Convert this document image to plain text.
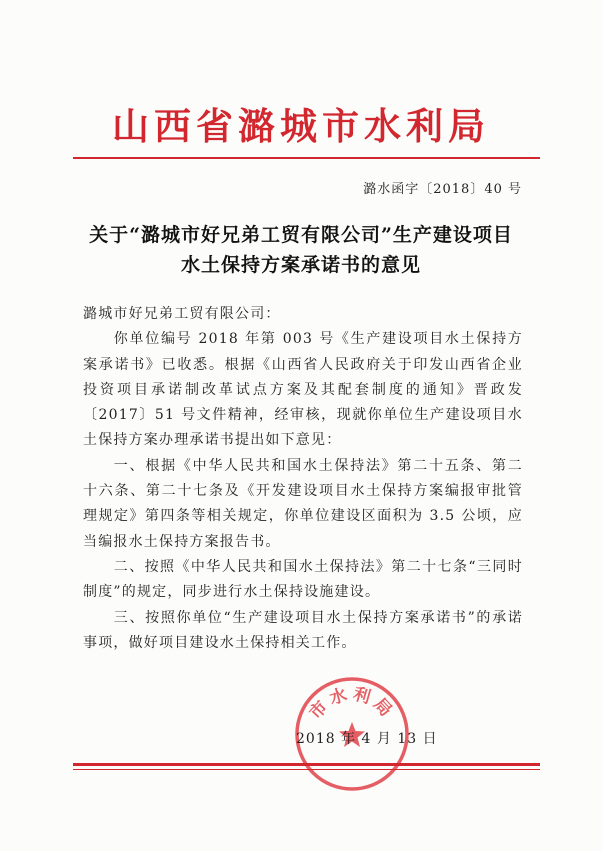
山西省潞城市水利局
潞水函字〔2018〕40 号
关于“潞城市好兄弟工贸有限公司”生产建设项目
水土保持方案承诺书的意见

潞城市好兄弟工贸有限公司：

你单位编号 2018 年第 003 号《生产建设项目水土保持方案承诺书》已收悉。根据《山西省人民政府关于印发山西省企业投资项目承诺制改革试点方案及其配套制度的通知》晋政发〔2017〕51 号文件精神，经审核，现就你单位生产建设项目水土保持方案办理承诺书提出如下意见：

一、根据《中华人民共和国水土保持法》第二十五条、第二十六条、第二十七条及《开发建设项目水土保持方案编报审批管理规定》第四条等相关规定，你单位建设区面积为 3.5 公顷，应当编报水土保持方案报告书。

二、按照《中华人民共和国水土保持法》第二十七条“三同时制度”的规定，同步进行水土保持设施建设。

三、按照你单位“生产建设项目水土保持方案承诺书”的承诺事项，做好项目建设水土保持相关工作。

市水利局
2018 年 4 月 13 日
